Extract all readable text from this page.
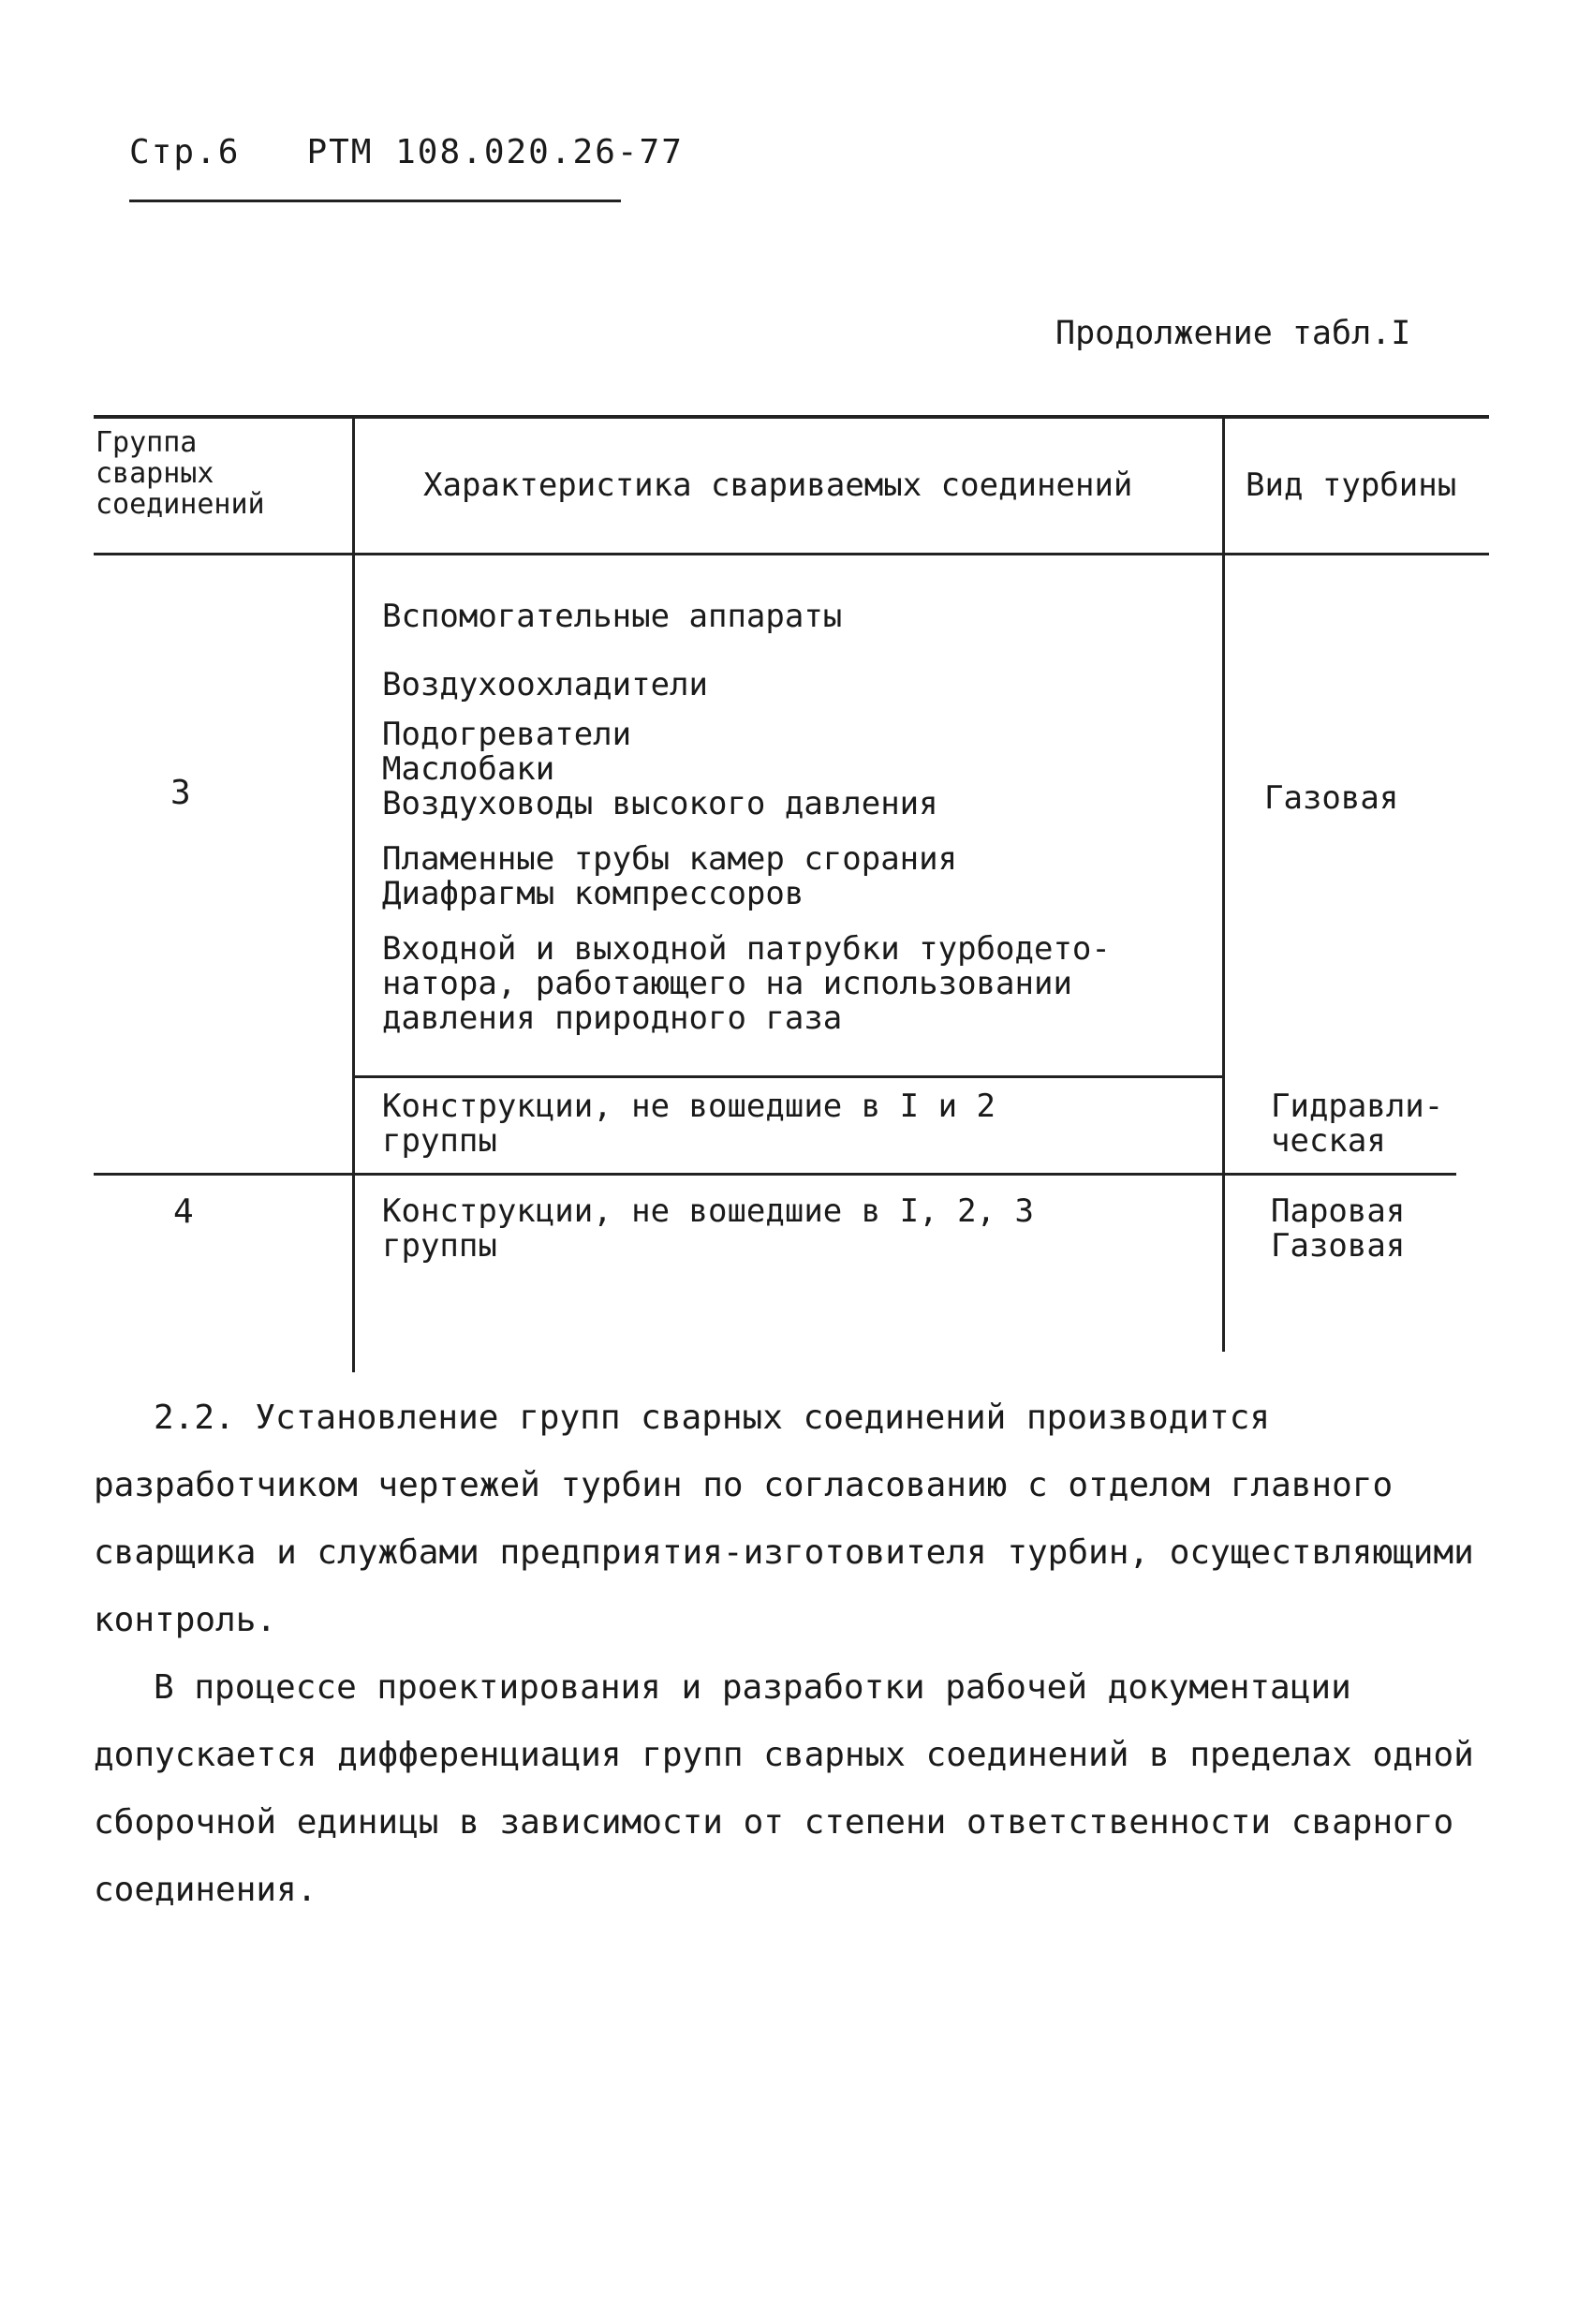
Стр.6 РТМ 108.020.26-77
Продолжение табл.I
Группа
сварных
соединений
Характеристика свариваемых соединений	Вид турбины
3
Вспомогательные аппараты
Воздухоохладители
Подогреватели
Маслобаки
Воздуховоды высокого давления
Пламенные трубы камер сгорания
Диафрагмы компрессоров
Входной и выходной патрубки турбодето-
натора, работающего на использовании
давления природного газа
Газовая
Конструкции, не вошедшие в I и 2
группы
Гидравли-
ческая
4	Конструкции, не вошедшие в I, 2, 3
группы
Паровая
Газовая
2.2. Установление групп сварных соединений производится разработчиком чертежей турбин по согласованию с отделом главного сварщика и службами предприятия-изготовителя турбин, осуществляющими контроль.
В процессе проектирования и разработки рабочей документации допускается дифференциация групп сварных соединений в пределах одной сборочной единицы в зависимости от степени ответственности сварного соединения.
